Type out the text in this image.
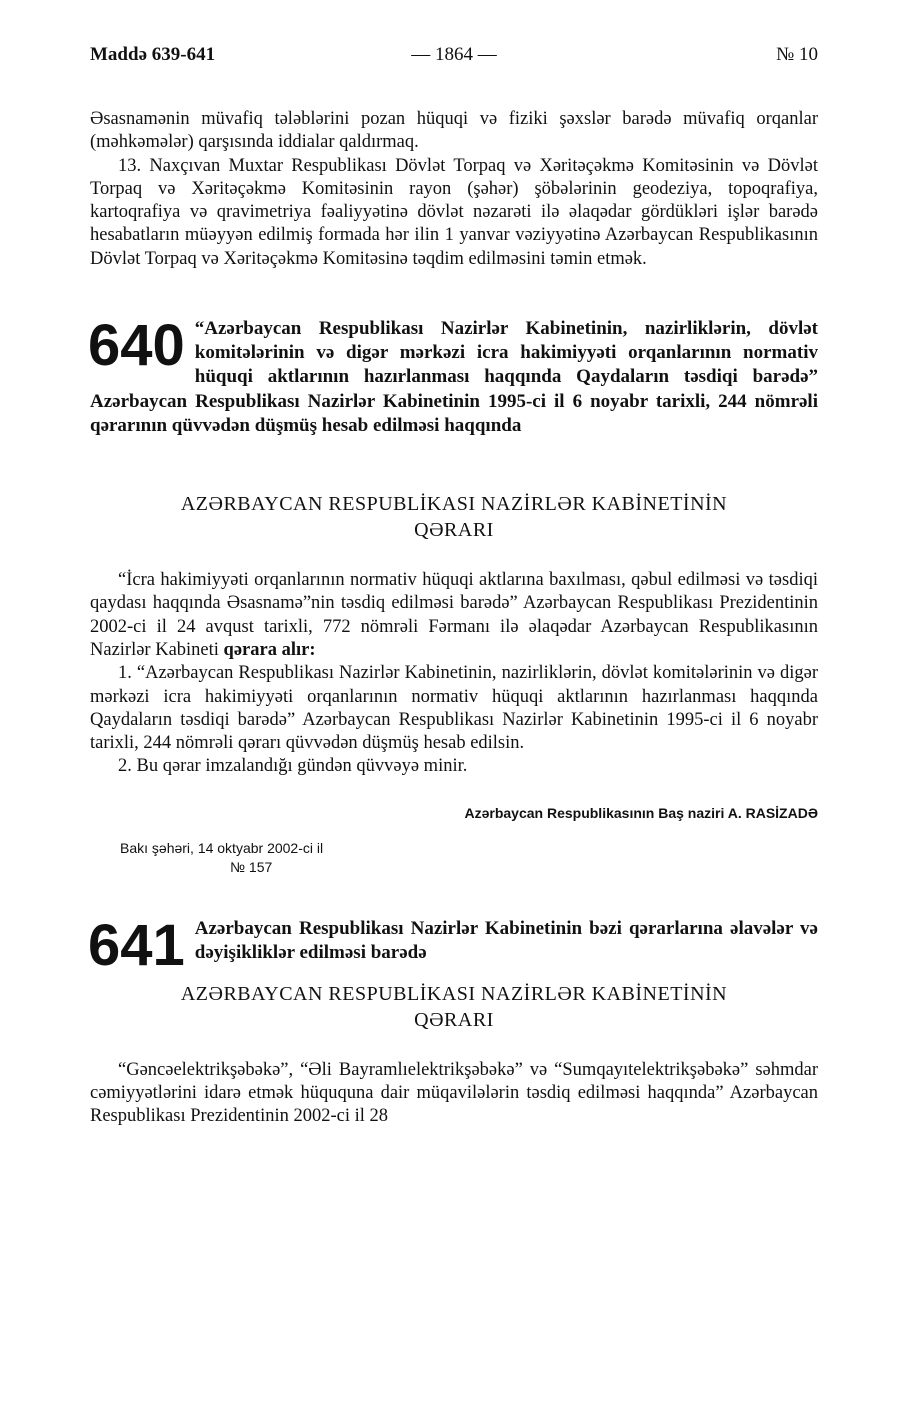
Maddə 639-641	— 1864 —	№ 10

Əsasnamənin müvafiq tələblərini pozan hüquqi və fiziki şəxslər barədə müvafiq orqanlar (məhkəmələr) qarşısında iddialar qaldırmaq.

13. Naxçıvan Muxtar Respublikası Dövlət Torpaq və Xəritəçəkmə Komitəsinin və Dövlət Torpaq və Xəritəçəkmə Komitəsinin rayon (şəhər) şöbələrinin geodeziya, topoqrafiya, kartoqrafiya və qravimetriya fəaliyyətinə dövlət nəzarəti ilə əlaqədar gördükləri işlər barədə hesabatların müəyyən edilmiş formada hər ilin 1 yanvar vəziyyətinə Azərbaycan Respublikasının Dövlət Torpaq və Xəritəçəkmə Komitəsinə təqdim edilməsini təmin etmək.

640 “Azərbaycan Respublikası Nazirlər Kabinetinin, nazirliklərin, dövlət komitələrinin və digər mərkəzi icra hakimiyyəti orqanlarının normativ hüquqi aktlarının hazırlanması haqqında Qaydaların təsdiqi barədə” Azərbaycan Respublikası Nazirlər Kabinetinin 1995-ci il 6 noyabr tarixli, 244 nömrəli qərarının qüvvədən düşmüş hesab edilməsi haqqında
AZƏRBAYCAN RESPUBLİKASI NAZİRLƏR KABİNETİNİN
QƏRARI

“İcra hakimiyyəti orqanlarının normativ hüquqi aktlarına baxılması, qəbul edilməsi və təsdiqi qaydası haqqında Əsasnamə”nin təsdiq edilməsi barədə” Azərbaycan Respublikası Prezidentinin 2002-ci il 24 avqust tarixli, 772 nömrəli Fərmanı ilə əlaqədar Azərbaycan Respublikasının Nazirlər Kabineti qərara alır:

1. “Azərbaycan Respublikası Nazirlər Kabinetinin, nazirliklərin, dövlət komitələrinin və digər mərkəzi icra hakimiyyəti orqanlarının normativ hüquqi aktlarının hazırlanması haqqında Qaydaların təsdiqi barədə” Azərbaycan Respublikası Nazirlər Kabinetinin 1995-ci il 6 noyabr tarixli, 244 nömrəli qərarı qüvvədən düşmüş hesab edilsin.

2. Bu qərar imzalandığı gündən qüvvəyə minir.

Azərbaycan Respublikasının Baş naziri A. RASİZADƏ
Bakı şəhəri, 14 oktyabr 2002-ci il
№ 157
641 Azərbaycan Respublikası Nazirlər Kabinetinin bəzi qərarlarına əlavələr və dəyişikliklər edilməsi barədə
AZƏRBAYCAN RESPUBLİKASI NAZİRLƏR KABİNETİNİN
QƏRARI

“Gəncəelektrikşəbəkə”, “Əli Bayramlıelektrikşəbəkə” və “Sumqayıtelektrikşəbəkə” səhmdar cəmiyyətlərini idarə etmək hüququna dair müqavilələrin təsdiq edilməsi haqqında” Azərbaycan Respublikası Prezidentinin 2002-ci il 28
